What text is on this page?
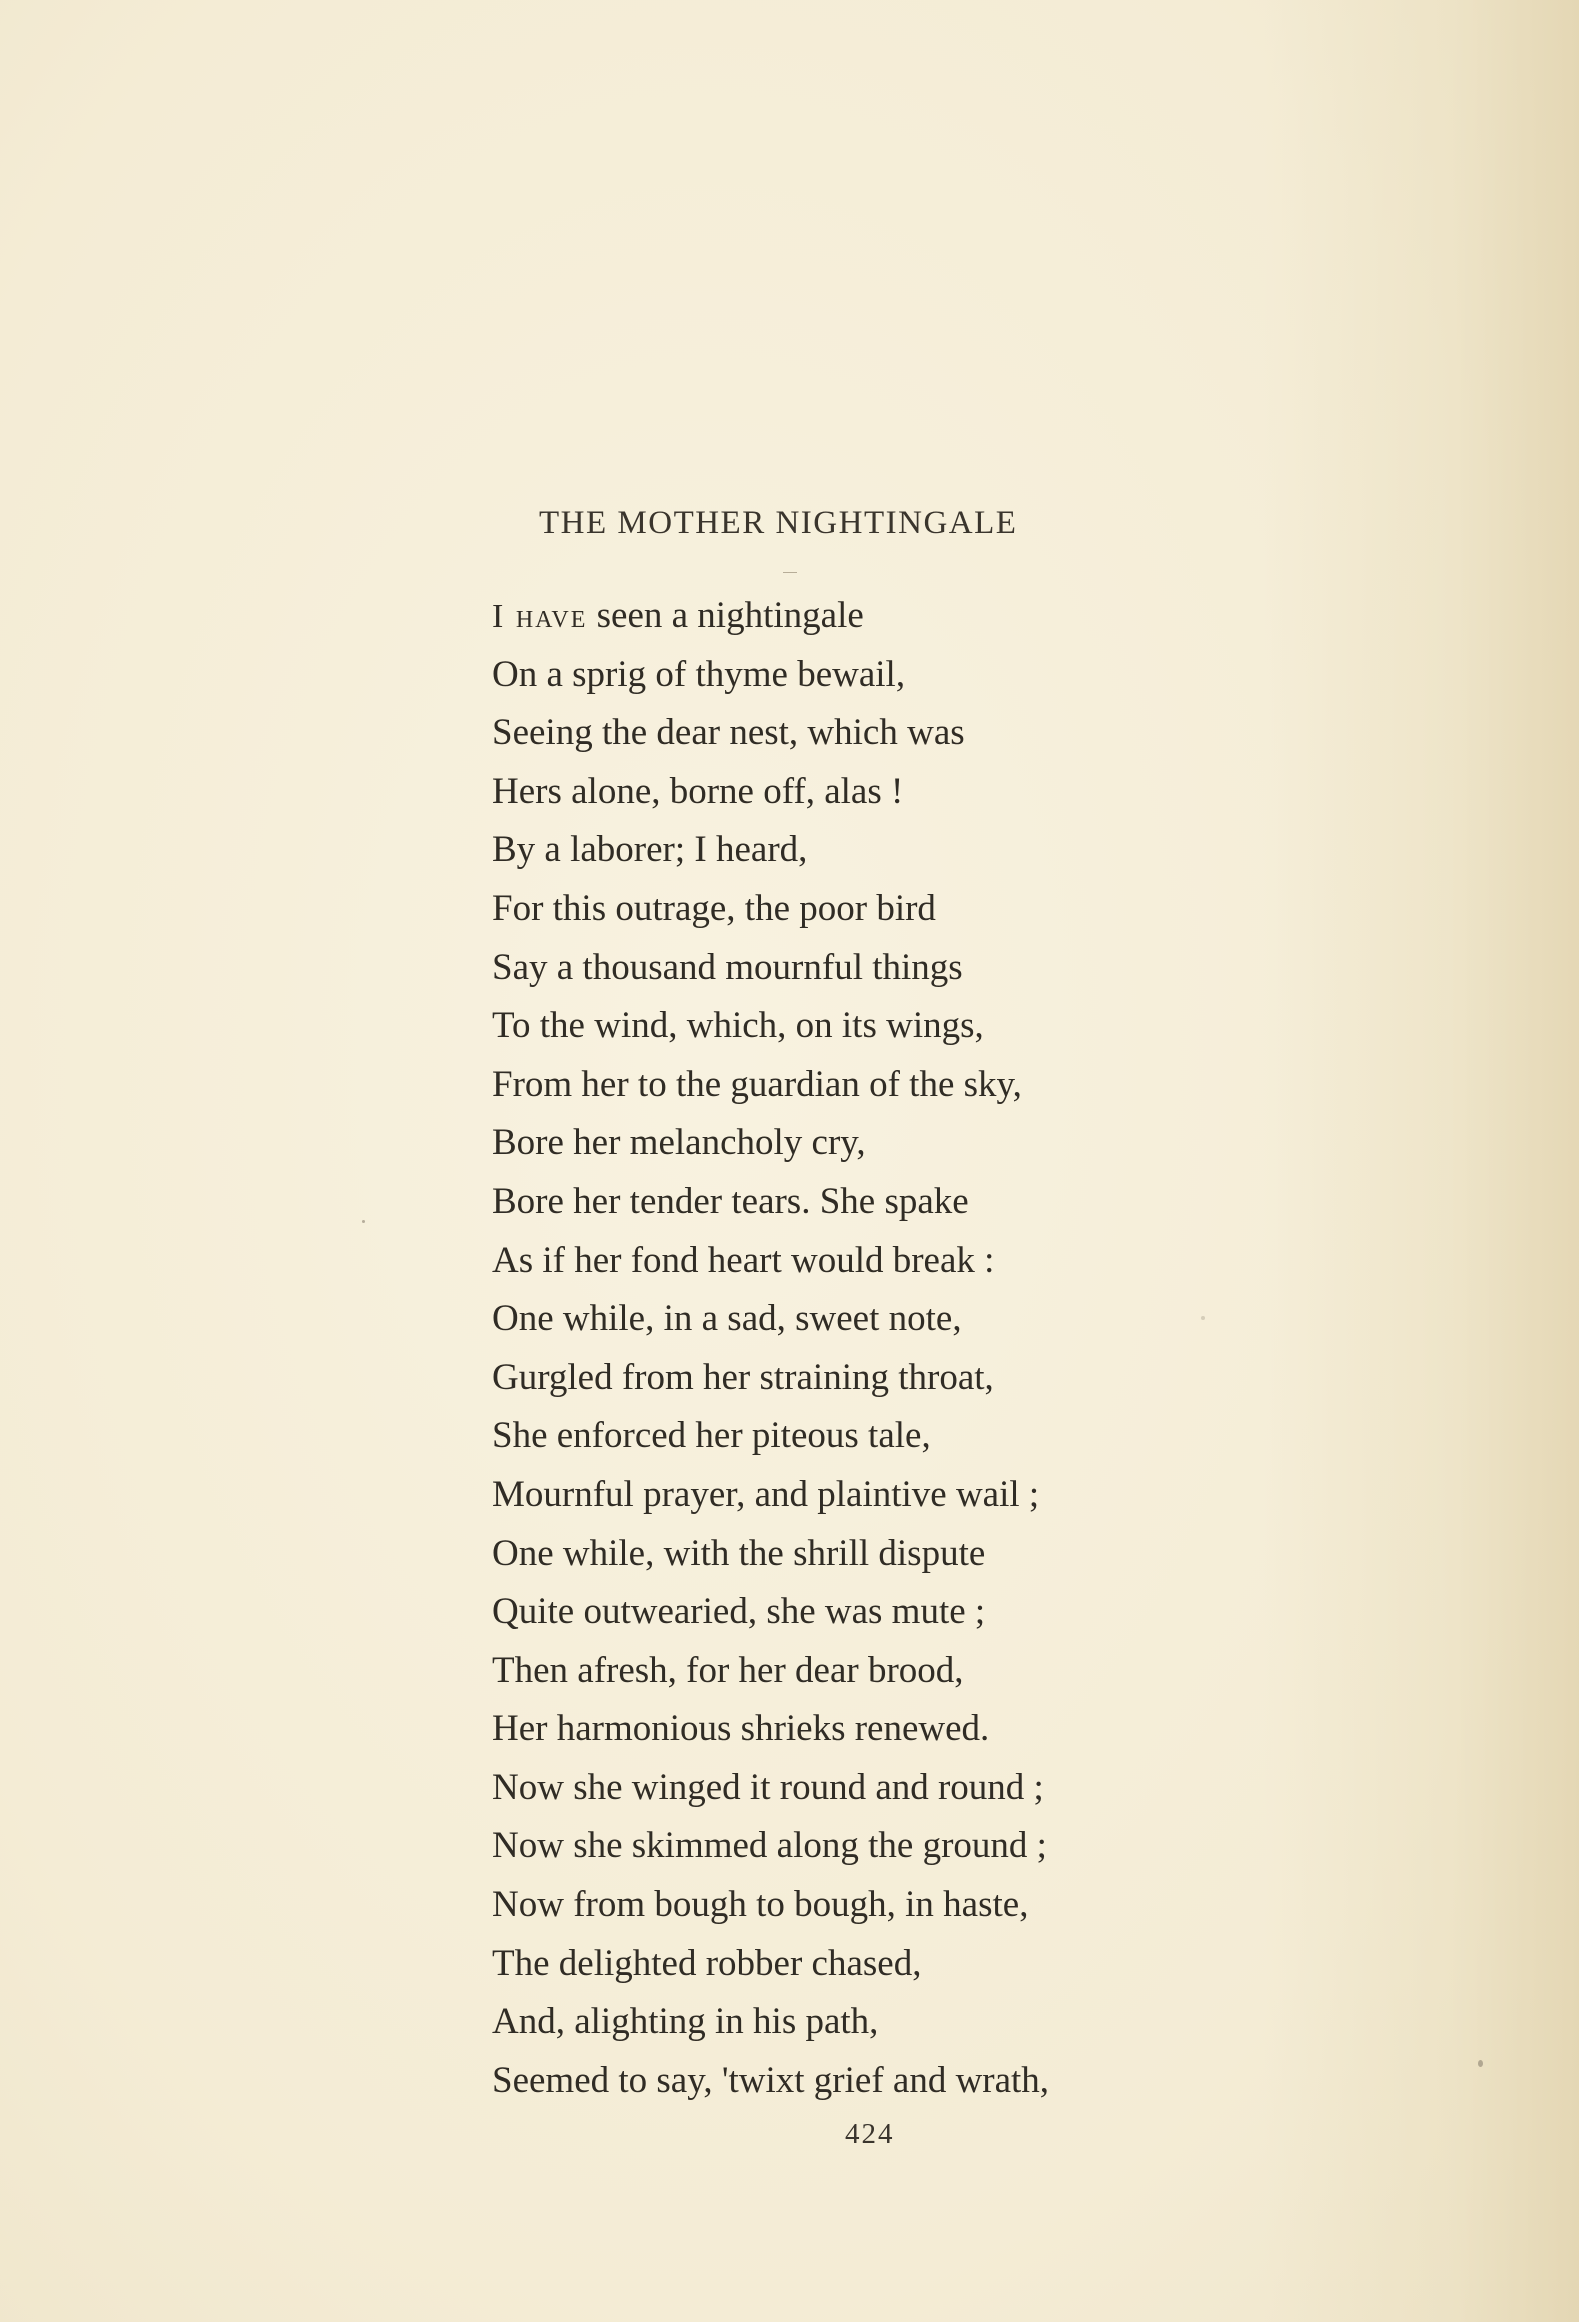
THE MOTHER NIGHTINGALE
I have seen a nightingale
On a sprig of thyme bewail,
Seeing the dear nest, which was
Hers alone, borne off, alas !
By a laborer; I heard,
For this outrage, the poor bird
Say a thousand mournful things
To the wind, which, on its wings,
From her to the guardian of the sky,
Bore her melancholy cry,
Bore her tender tears. She spake
As if her fond heart would break :
One while, in a sad, sweet note,
Gurgled from her straining throat,
She enforced her piteous tale,
Mournful prayer, and plaintive wail ;
One while, with the shrill dispute
Quite outwearied, she was mute ;
Then afresh, for her dear brood,
Her harmonious shrieks renewed.
Now she winged it round and round ;
Now she skimmed along the ground ;
Now from bough to bough, in haste,
The delighted robber chased,
And, alighting in his path,
Seemed to say, 'twixt grief and wrath,
424
